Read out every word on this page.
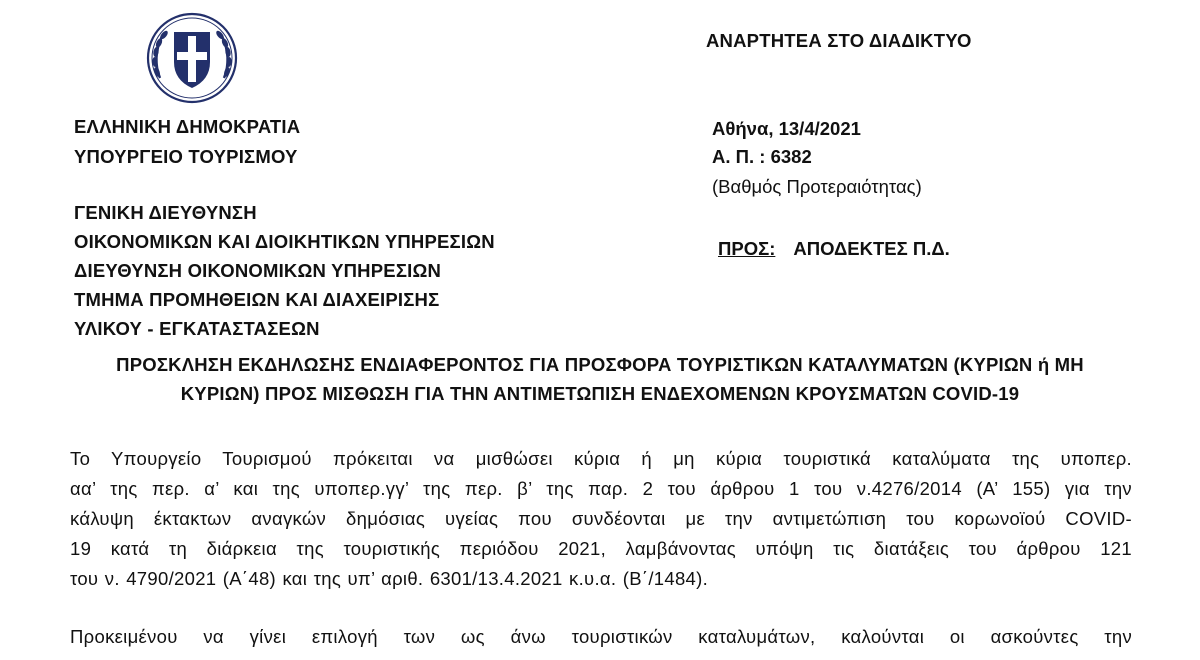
ΕΛΛΗΝΙΚΗ ΔΗΜΟΚΡΑΤΙΑ
ΥΠΟΥΡΓΕΙΟ ΤΟΥΡΙΣΜΟΥ
ΓΕΝΙΚΗ ΔΙΕΥΘΥΝΣΗ
ΟΙΚΟΝΟΜΙΚΩΝ ΚΑΙ ΔΙΟΙΚΗΤΙΚΩΝ ΥΠΗΡΕΣΙΩΝ
ΔΙΕΥΘΥΝΣΗ ΟΙΚΟΝΟΜΙΚΩΝ ΥΠΗΡΕΣΙΩΝ
ΤΜΗΜΑ ΠΡΟΜΗΘΕΙΩΝ ΚΑΙ ΔΙΑΧΕΙΡΙΣΗΣ
ΥΛΙΚΟΥ - ΕΓΚΑΤΑΣΤΑΣΕΩΝ
ΑΝΑΡΤΗΤΕΑ ΣΤΟ ΔΙΑΔΙΚΤΥΟ
Αθήνα, 13/4/2021
Α. Π. : 6382
(Βαθμός Προτεραιότητας)
ΠΡΟΣ: ΑΠΟΔΕΚΤΕΣ Π.Δ.
ΠΡΟΣΚΛΗΣΗ ΕΚΔΗΛΩΣΗΣ ΕΝΔΙΑΦΕΡΟΝΤΟΣ ΓΙΑ ΠΡΟΣΦΟΡΑ ΤΟΥΡΙΣΤΙΚΩΝ ΚΑΤΑΛΥΜΑΤΩΝ (ΚΥΡΙΩΝ ή ΜΗ
ΚΥΡΙΩΝ) ΠΡΟΣ ΜΙΣΘΩΣΗ ΓΙΑ ΤΗΝ ΑΝΤΙΜΕΤΩΠΙΣΗ ΕΝΔΕΧΟΜΕΝΩΝ ΚΡΟΥΣΜΑΤΩΝ COVID-19
Το Υπουργείο Τουρισμού πρόκειται να μισθώσει κύρια ή μη κύρια τουριστικά καταλύματα της υποπερ.
αα’ της περ. α’ και της υποπερ.γγ’ της περ. β’ της παρ. 2 του άρθρου 1 του ν.4276/2014 (Α’ 155) για την
κάλυψη έκτακτων αναγκών δημόσιας υγείας που συνδέονται με την αντιμετώπιση του κορωνοϊού COVID-
19 κατά τη διάρκεια της τουριστικής περιόδου 2021, λαμβάνοντας υπόψη τις διατάξεις του άρθρου 121
του ν. 4790/2021 (Α΄48) και της υπ’ αριθ. 6301/13.4.2021 κ.υ.α. (Β΄/1484).
Προκειμένου να γίνει επιλογή των ως άνω τουριστικών καταλυμάτων, καλούνται οι ασκούντες την
